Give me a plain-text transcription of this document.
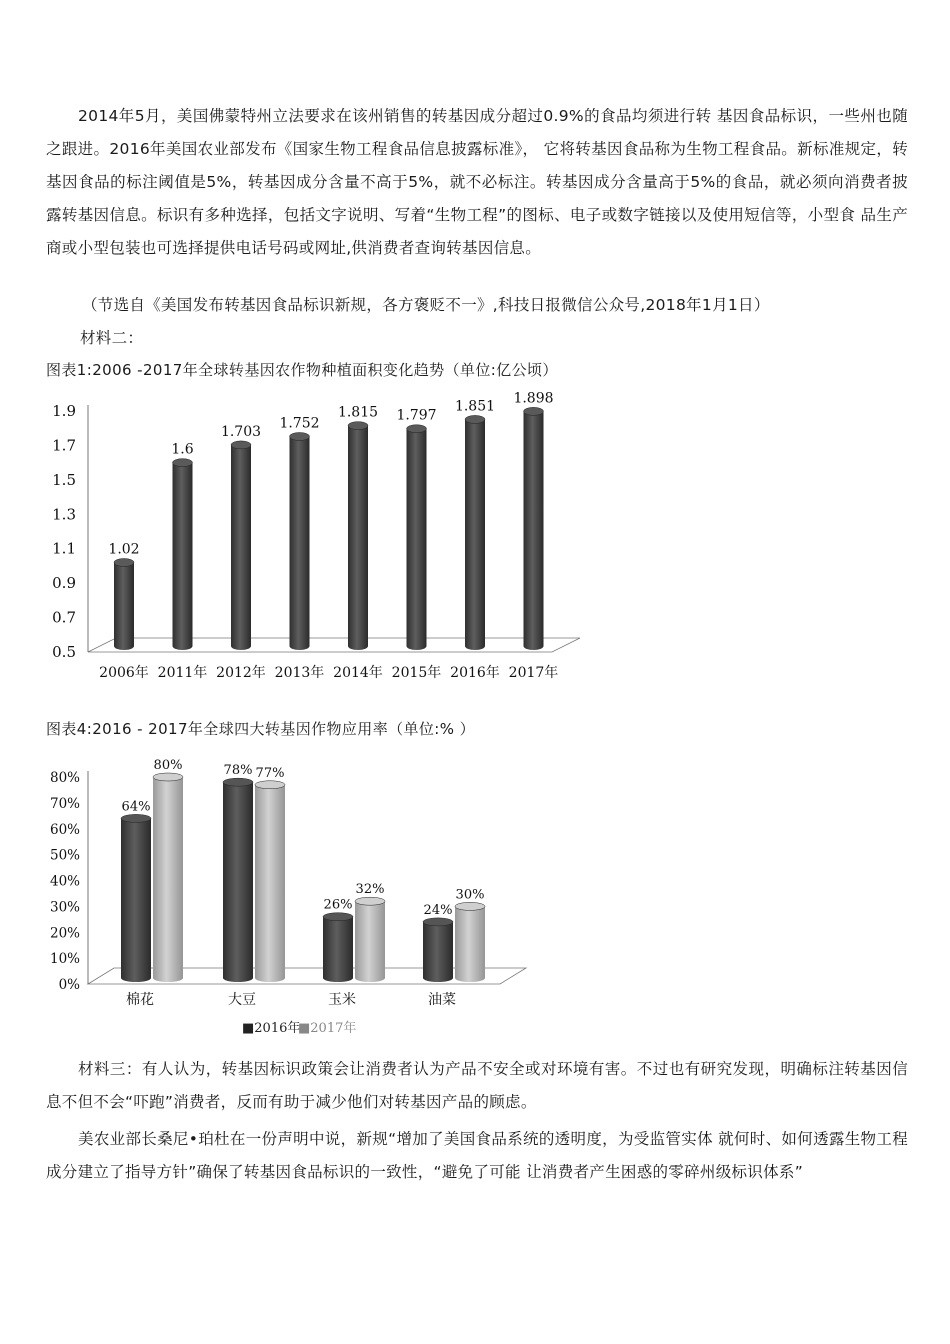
2014年5月，美国佛蒙特州立法要求在该州销售的转基因成分超过0.9%的食品均须进行转 基因食品标识，一些州也随之跟进。2016年美国农业部发布《国家生物工程食品信息披露标准》， 它将转基因食品称为生物工程食品。新标准规定，转基因食品的标注阈值是5%，转基因成分含量不高于5%，就不必标注。转基因成分含量高于5%的食品，就必须向消费者披露转基因信息。标识有多种选择，包括文字说明、写着“生物工程”的图标、电子或数字链接以及使用短信等，小型食 品生产商或小型包装也可选择提供电话号码或网址,供消费者查询转基因信息。

（节选自《美国发布转基因食品标识新规，各方褒贬不一》,科技日报微信公众号,2018年1月1日）

材料二：

图表1:2006 -2017年全球转基因农作物种植面积变化趋势（单位:亿公顷）

1.9
1.7
1.5
1.3
1.1
0.9
0.7
0.5
1.02
1.6
1.703
1.752
1.815 1.797
1.851
1.898
2006年 2011年 2012年 2013年 2014年 2015年 2016年 2017年

图表4:2016 - 2017年全球四大转基因作物应用率（单位:% ）

80%
70%
60%
50%
40%
30%
20%
10%
0%
64%
80%	78% 77%
26%
32%
24%
30%
棉花	大豆	玉米	油菜
■2016年
■2017年

材料三：有人认为，转基因标识政策会让消费者认为产品不安全或对环境有害。不过也有研究发现，明确标注转基因信息不但不会“吓跑”消费者，反而有助于减少他们对转基因产品的顾虑。

美农业部长桑尼•珀杜在一份声明中说，新规“增加了美国食品系统的透明度，为受监管实体 就何时、如何透露生物工程成分建立了指导方针”确保了转基因食品标识的一致性，“避免了可能 让消费者产生困惑的零碎州级标识体系”
